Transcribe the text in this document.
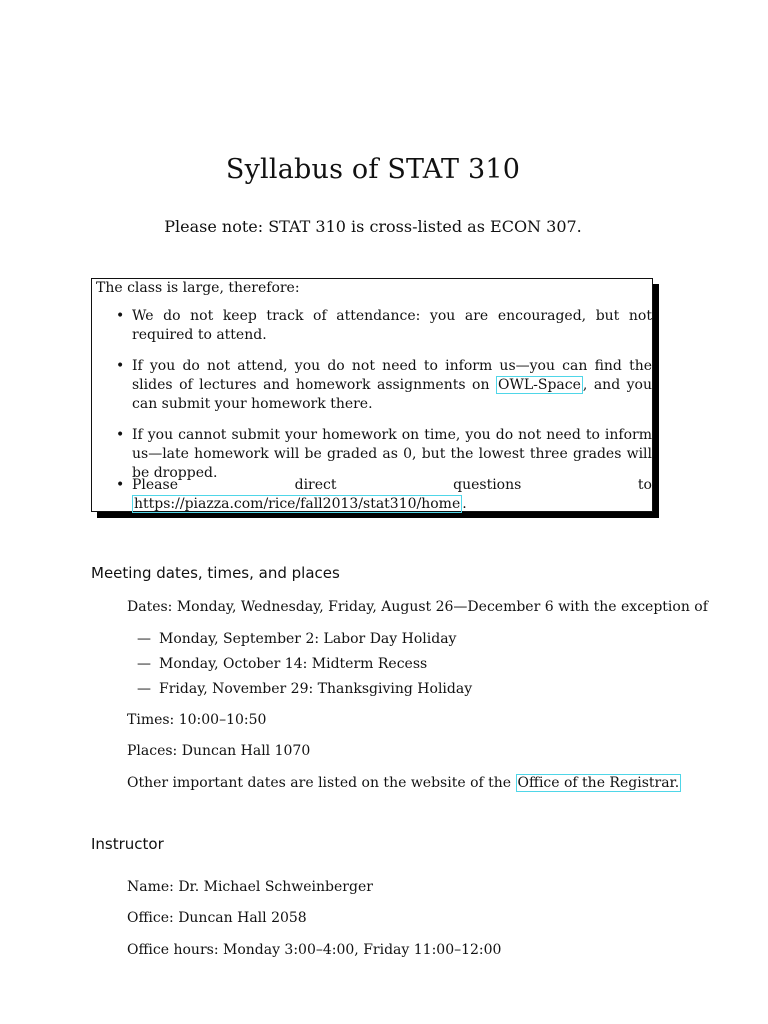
Syllabus of STAT 310
Please note: STAT 310 is cross-listed as ECON 307.
The class is large, therefore:
• We do not keep track of attendance: you are encouraged, but not required to attend.
• If you do not attend, you do not need to inform us—you can find the slides of lectures and homework assignments on OWL-Space , and you can submit your homework there.
• If you cannot submit your homework on time, you do not need to inform us—late homework will be graded as 0, but the lowest three grades will be dropped.
• Please direct questions to https://piazza.com/rice/fall2013/stat310/home .
Meeting dates, times, and places
Dates: Monday, Wednesday, Friday, August 26—December 6 with the exception of
— Monday, September 2: Labor Day Holiday
— Monday, October 14: Midterm Recess
— Friday, November 29: Thanksgiving Holiday
Times: 10:00–10:50
Places: Duncan Hall 1070
Other important dates are listed on the website of the Office of the Registrar.
Instructor
Name: Dr. Michael Schweinberger
Office: Duncan Hall 2058
Office hours: Monday 3:00–4:00, Friday 11:00–12:00
